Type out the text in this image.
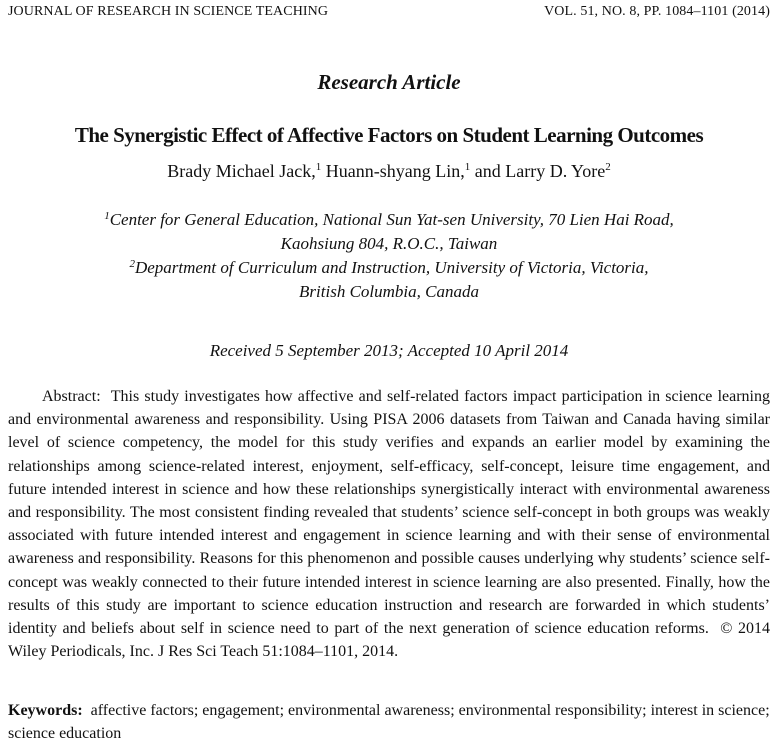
JOURNAL OF RESEARCH IN SCIENCE TEACHING	VOL. 51, NO. 8, PP. 1084–1101 (2014)
Research Article
The Synergistic Effect of Affective Factors on Student Learning Outcomes
Brady Michael Jack,$^1$ Huann-shyang Lin,$^1$ and Larry D. Yore$^2$
$^1$Center for General Education, National Sun Yat-sen University, 70 Lien Hai Road,
Kaohsiung 804, R.O.C., Taiwan
$^2$Department of Curriculum and Instruction, University of Victoria, Victoria,
British Columbia, Canada
Received 5 September 2013; Accepted 10 April 2014
Abstract: This study investigates how affective and self-related factors impact participation in science learning and environmental awareness and responsibility. Using PISA 2006 datasets from Taiwan and Canada having similar level of science competency, the model for this study verifies and expands an earlier model by examining the relationships among science-related interest, enjoyment, self-efficacy, self-concept, leisure time engagement, and future intended interest in science and how these relationships synergistically interact with environmental awareness and responsibility. The most consistent finding revealed that students’ science self-concept in both groups was weakly associated with future intended interest and engagement in science learning and with their sense of environmental awareness and responsibility. Reasons for this phenomenon and possible causes underlying why students’ science self-concept was weakly connected to their future intended interest in science learning are also presented. Finally, how the results of this study are important to science education instruction and research are forwarded in which students’ identity and beliefs about self in science need to part of the next generation of science education reforms. © 2014 Wiley Periodicals, Inc. J Res Sci Teach 51:1084–1101, 2014.
Keywords: affective factors; engagement; environmental awareness; environmental responsibility; interest in science; science education
